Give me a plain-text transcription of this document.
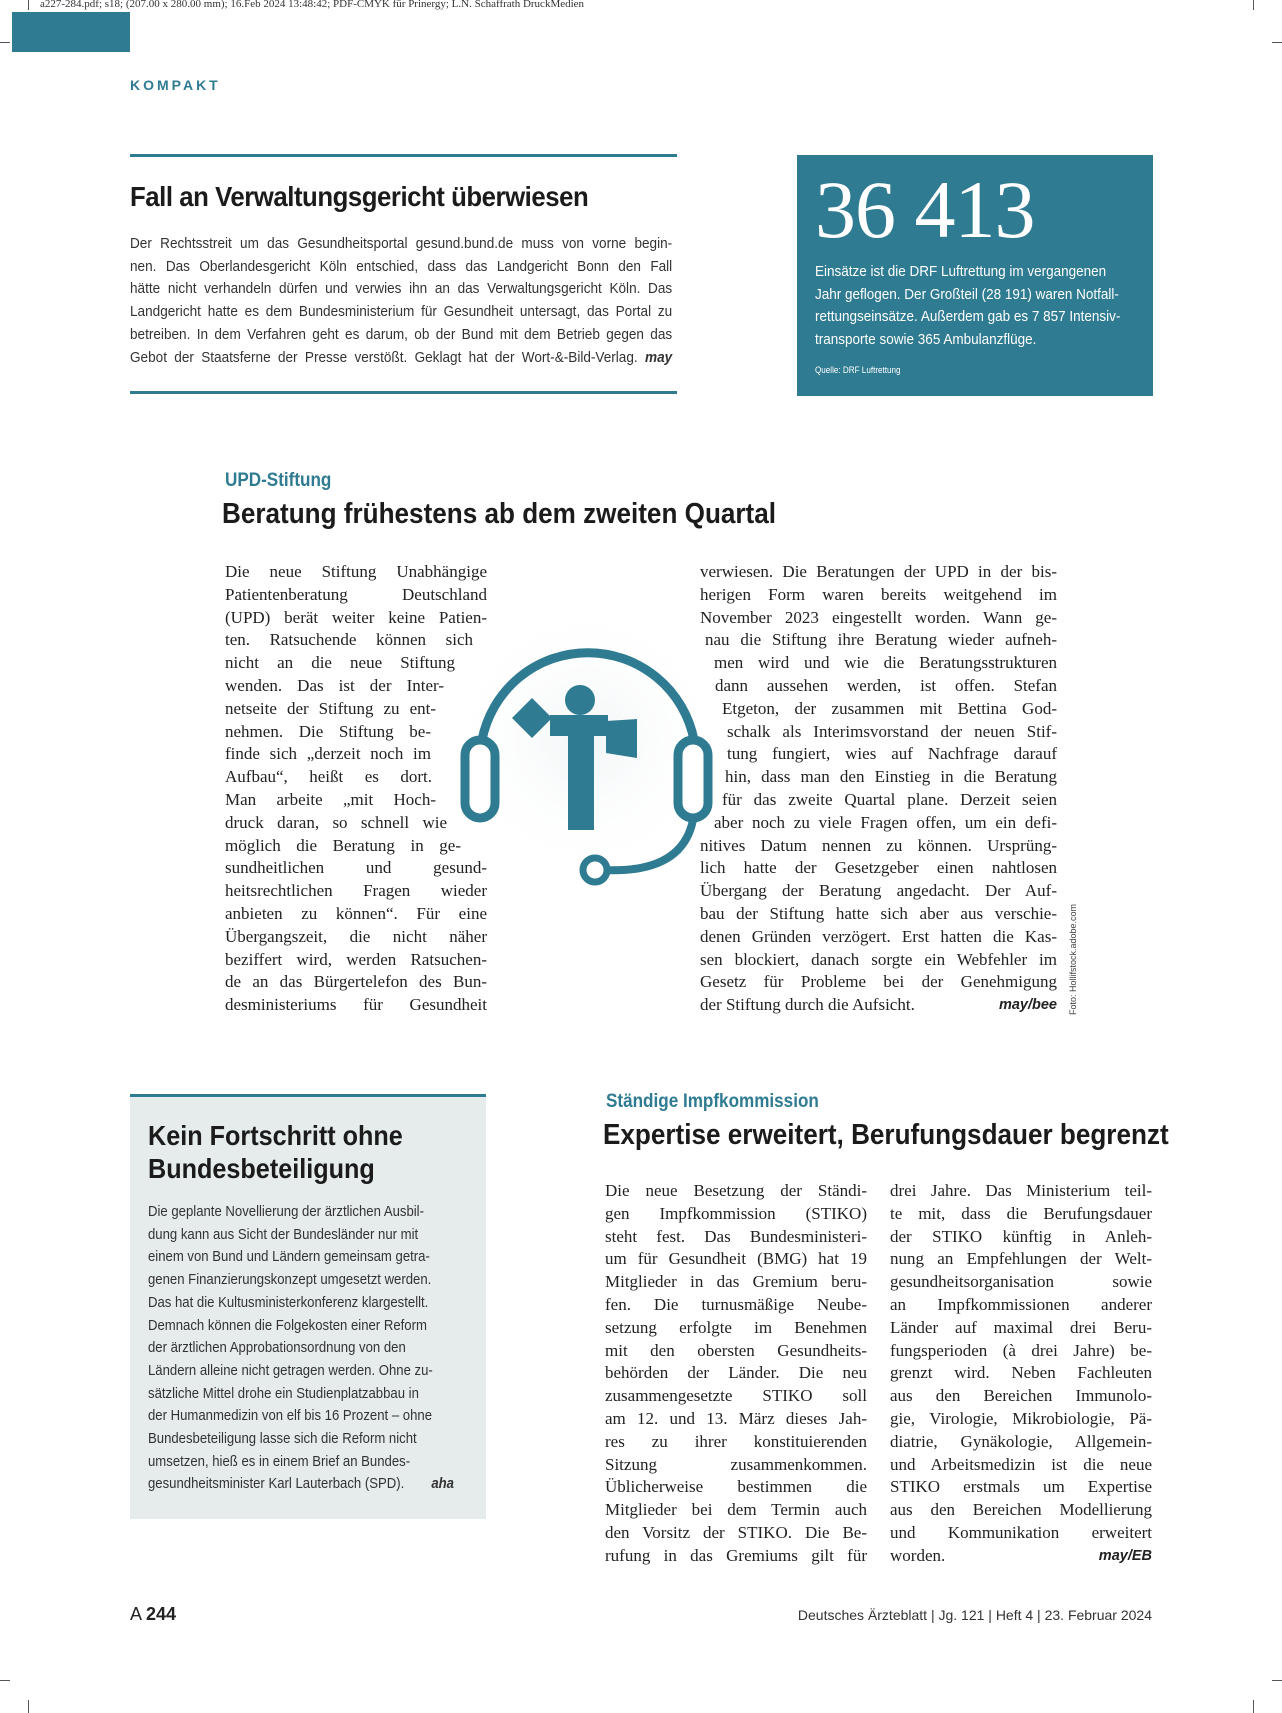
a227-284.pdf; s18; (207.00 x 280.00 mm); 16.Feb 2024 13:48:42; PDF-CMYK für Prinergy; L.N. Schaffrath DruckMedien
KOMPAKT
Fall an Verwaltungsgericht überwiesen
Der Rechtsstreit um das Gesundheitsportal gesund.bund.de muss von vorne begin-
nen. Das Oberlandesgericht Köln entschied, dass das Landgericht Bonn den Fall
hätte nicht verhandeln dürfen und verwies ihn an das Verwaltungsgericht Köln. Das
Landgericht hatte es dem Bundesministerium für Gesundheit untersagt, das Portal zu
betreiben. In dem Verfahren geht es darum, ob der Bund mit dem Betrieb gegen das
Gebot der Staatsferne der Presse verstößt. Geklagt hat der Wort-&-Bild-Verlag. may
36 413
Einsätze ist die DRF Luftrettung im vergangenen
Jahr geflogen. Der Großteil (28 191) waren Notfall-
rettungseinsätze. Außerdem gab es 7 857 Intensiv-
transporte sowie 365 Ambulanzflüge.
Quelle: DRF Luftrettung
UPD-Stiftung
Beratung frühestens ab dem zweiten Quartal
Die neue Stiftung Unabhängige
Patientenberatung Deutschland
(UPD) berät weiter keine Patien-
ten. Ratsuchende können sich
nicht an die neue Stiftung
wenden. Das ist der Inter-
netseite der Stiftung zu ent-
nehmen. Die Stiftung be-
finde sich „derzeit noch im
Aufbau“, heißt es dort.
Man arbeite „mit Hoch-
druck daran, so schnell wie
möglich die Beratung in ge-
sundheitlichen und gesund-
heitsrechtlichen Fragen wieder
anbieten zu können“. Für eine
Übergangszeit, die nicht näher
beziffert wird, werden Ratsuchen-
de an das Bürgertelefon des Bun-
desministeriums für Gesundheit
verwiesen. Die Beratungen der UPD in der bis-
herigen Form waren bereits weitgehend im
November 2023 eingestellt worden. Wann ge-
nau die Stiftung ihre Beratung wieder aufneh-
men wird und wie die Beratungsstrukturen
dann aussehen werden, ist offen. Stefan
Etgeton, der zusammen mit Bettina God-
schalk als Interimsvorstand der neuen Stif-
tung fungiert, wies auf Nachfrage darauf
hin, dass man den Einstieg in die Beratung
für das zweite Quartal plane. Derzeit seien
aber noch zu viele Fragen offen, um ein defi-
nitives Datum nennen zu können. Ursprüng-
lich hatte der Gesetzgeber einen nahtlosen
Übergang der Beratung angedacht. Der Auf-
bau der Stiftung hatte sich aber aus verschie-
denen Gründen verzögert. Erst hatten die Kas-
sen blockiert, danach sorgte ein Webfehler im
Gesetz für Probleme bei der Genehmigung
der Stiftung durch die Aufsicht.	may/bee Foto: Hollifstock.adobe.com
Kein Fortschritt ohne
Bundesbeteiligung
Die geplante Novellierung der ärztlichen Ausbil-
dung kann aus Sicht der Bundesländer nur mit
einem von Bund und Ländern gemeinsam getra-
genen Finanzierungskonzept umgesetzt werden.
Das hat die Kultusministerkonferenz klargestellt.
Demnach können die Folgekosten einer Reform
der ärztlichen Approbationsordnung von den
Ländern alleine nicht getragen werden. Ohne zu-
sätzliche Mittel drohe ein Studienplatzabbau in
der Humanmedizin von elf bis 16 Prozent – ohne
Bundesbeteiligung lasse sich die Reform nicht
umsetzen, hieß es in einem Brief an Bundes-
gesundheitsminister Karl Lauterbach (SPD). aha
Ständige Impfkommission
Expertise erweitert, Berufungsdauer begrenzt
Die neue Besetzung der Ständi-
gen Impfkommission (STIKO)
steht fest. Das Bundesministeri-
um für Gesundheit (BMG) hat 19
Mitglieder in das Gremium beru-
fen. Die turnusmäßige Neube-
setzung erfolgte im Benehmen
mit den obersten Gesundheits-
behörden der Länder. Die neu
zusammengesetzte STIKO soll
am 12. und 13. März dieses Jah-
res zu ihrer konstituierenden
Sitzung zusammenkommen.
Üblicherweise bestimmen die
Mitglieder bei dem Termin auch
den Vorsitz der STIKO. Die Be-
rufung in das Gremiums gilt für
drei Jahre. Das Ministerium teil-
te mit, dass die Berufungsdauer
der STIKO künftig in Anleh-
nung an Empfehlungen der Welt-
gesundheitsorganisation sowie
an Impfkommissionen anderer
Länder auf maximal drei Beru-
fungsperioden (à drei Jahre) be-
grenzt wird. Neben Fachleuten
aus den Bereichen Immunolo-
gie, Virologie, Mikrobiologie, Pä-
diatrie, Gynäkologie, Allgemein-
und Arbeitsmedizin ist die neue
STIKO erstmals um Expertise
aus den Bereichen Modellierung
und Kommunikation erweitert
worden.	may/EB
A 244	Deutsches Ärzteblatt | Jg. 121 | Heft 4 | 23. Februar 2024
